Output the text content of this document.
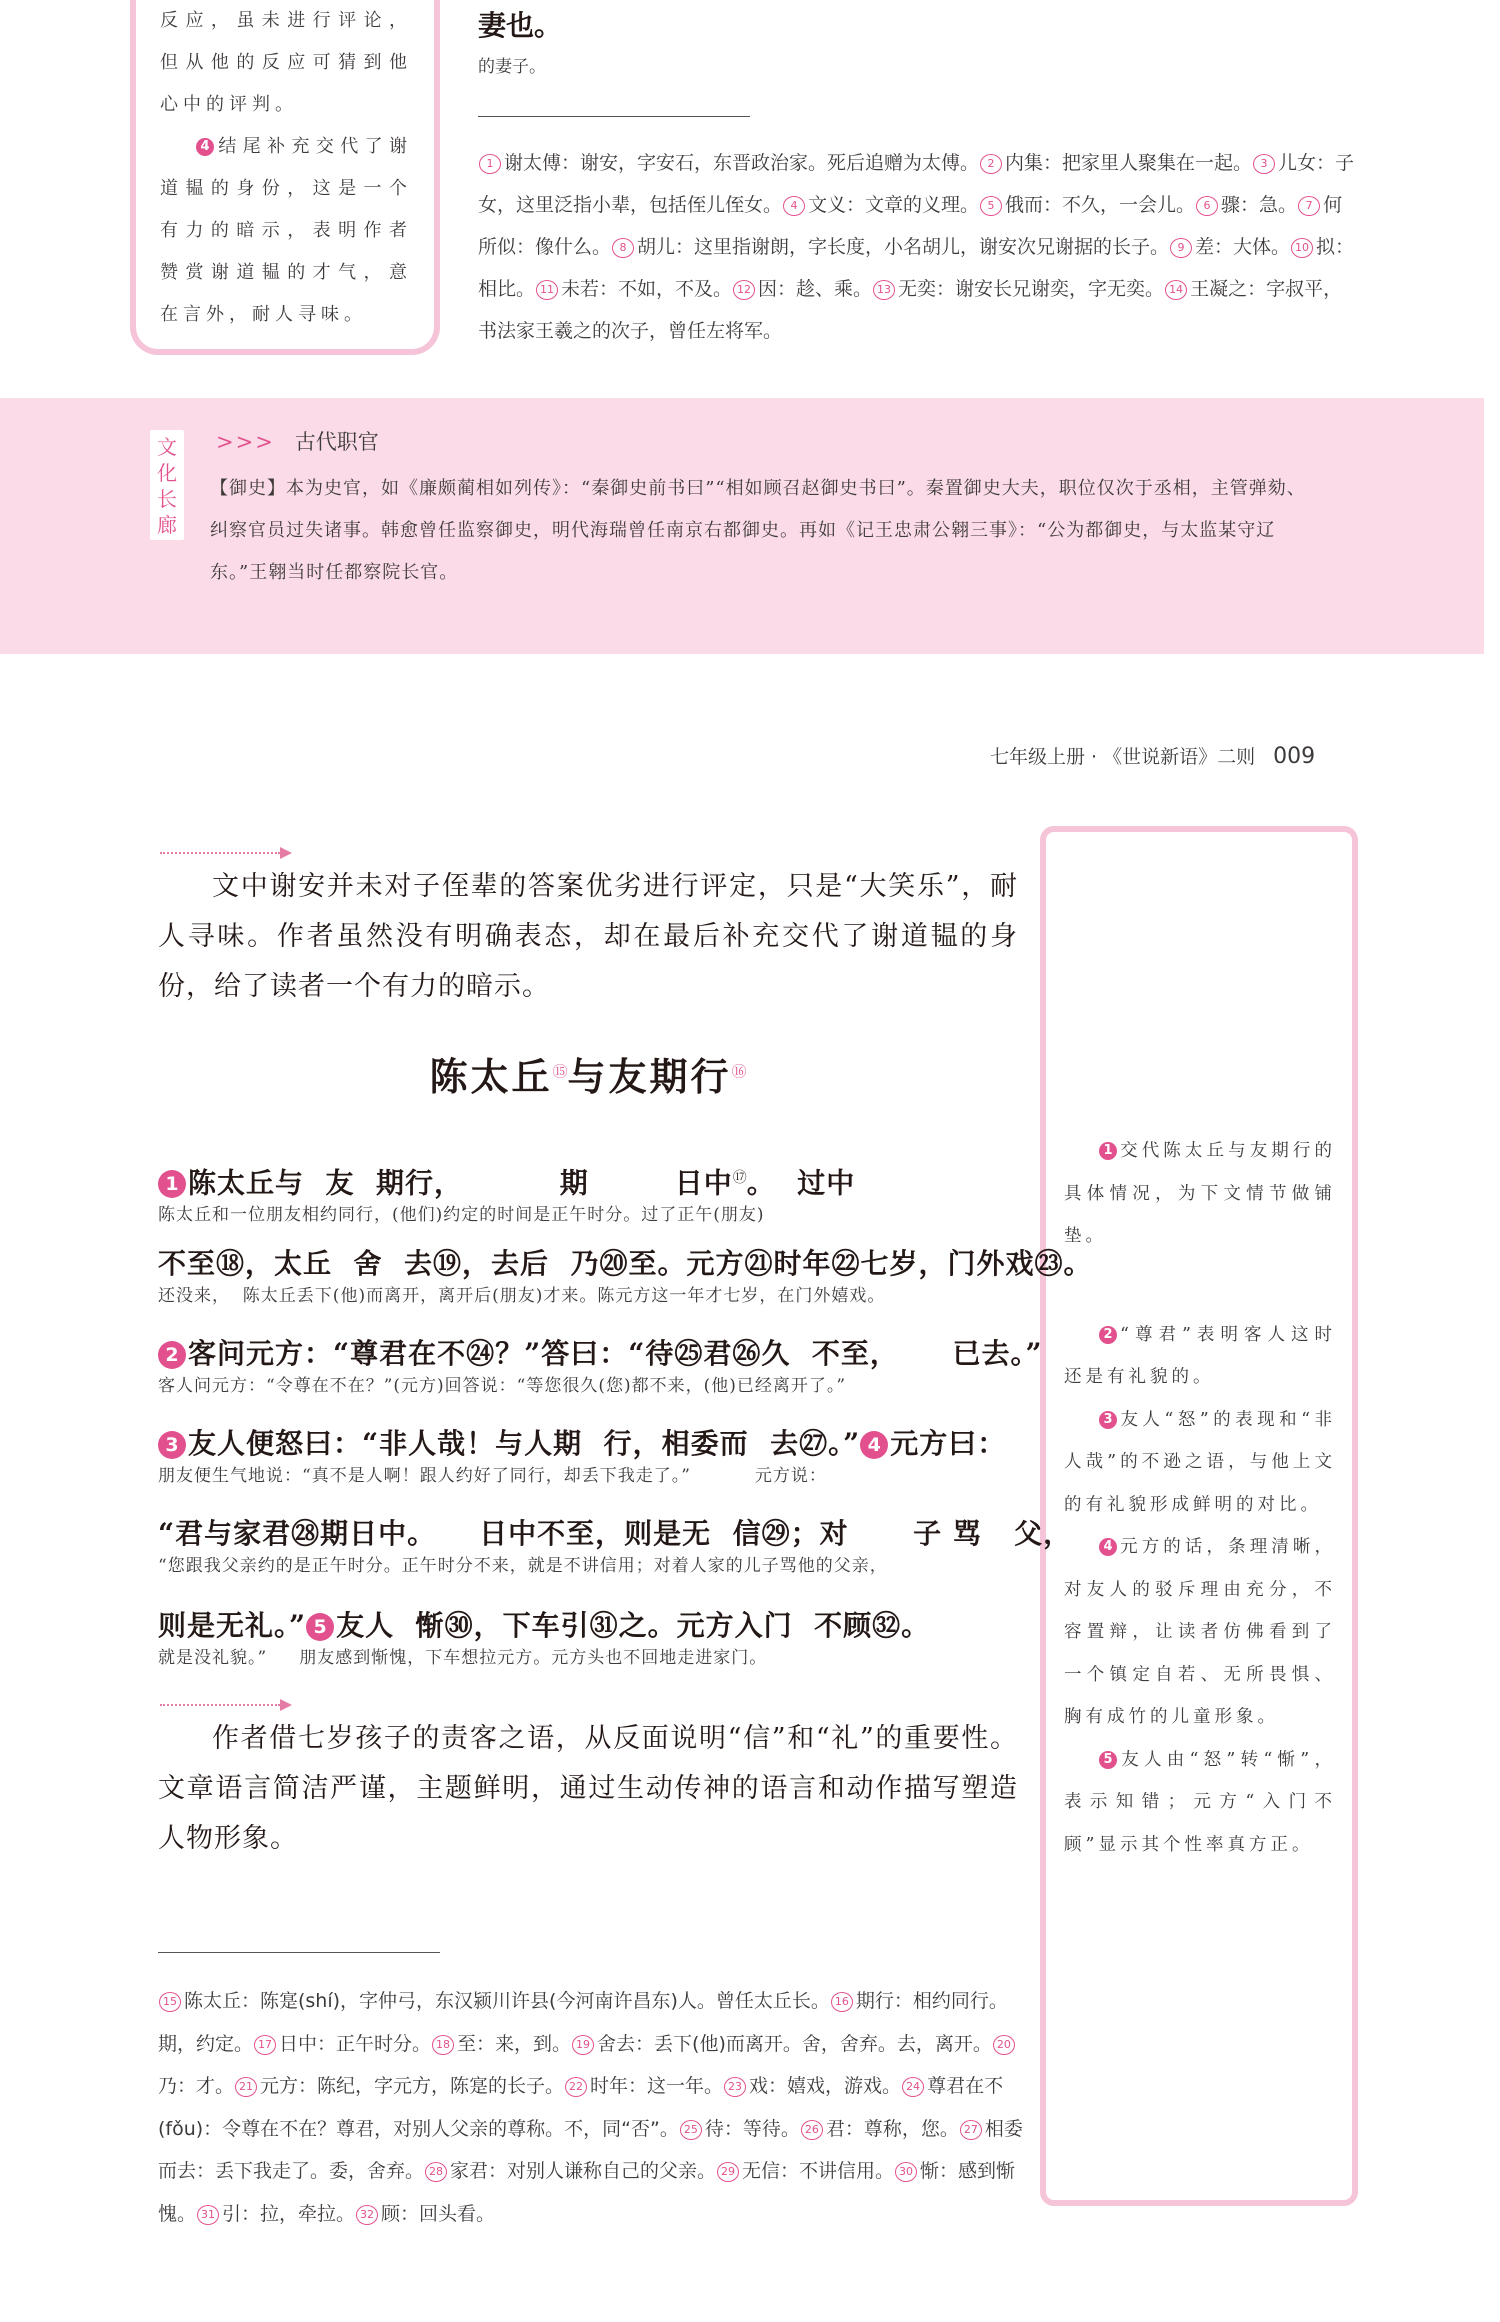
反应，虽未进行评论，但从他的反应可猜到他心中的评判。

4 结尾补充交代了谢道韫的身份，这是一个有力的暗示，表明作者赞赏谢道韫的才气，意在言外，耐人寻味。

妻也。

的妻子。

1 谢太傅：谢安，字安石，东晋政治家。死后追赠为太傅。 2 内集：把家里人聚集在一起。 3 儿女：子女，这里泛指小辈，包括侄儿侄女。 4 文义：文章的义理。 5 俄而：不久，一会儿。 6 骤：急。 7 何所似：像什么。 8 胡儿：这里指谢朗，字长度，小名胡儿，谢安次兄谢据的长子。 9 差：大体。 10 拟：相比。 11 未若：不如，不及。 12 因：趁、乘。 13 无奕：谢安长兄谢奕，字无奕。 14 王凝之：字叔平，书法家王羲之的次子，曾任左将军。
文
化
长
廊
>>> 古代职官
【御史】本为史官，如《廉颇蔺相如列传》：“秦御史前书曰”“相如顾召赵御史书曰”。秦置御史大夫，职位仅次于丞相，主管弹劾、纠察官员过失诸事。韩愈曾任监察御史，明代海瑞曾任南京右都御史。再如《记王忠肃公翱三事》：“公为都御史，与太监某守辽东。”王翱当时任都察院长官。
七年级上册 · 《世说新语》二则 009

1 交代陈太丘与友期行的具体情况，为下文情节做铺垫。

2 “尊君”表明客人这时还是有礼貌的。

3 友人“怒”的表现和“非人哉”的不逊之语，与他上文的有礼貌形成鲜明的对比。

4 元方的话，条理清晰，对友人的驳斥理由充分，不容置辩，让读者仿佛看到了一个镇定自若、无所畏惧、胸有成竹的儿童形象。

5 友人由“怒”转“惭”，表示知错；元方“入门不顾”显示其个性率真方正。

文中谢安并未对子侄辈的答案优劣进行评定，只是“大笑乐”，耐人寻味。作者虽然没有明确表态，却在最后补充交代了谢道韫的身份，给了读者一个有力的暗示。

陈太丘⑮与友期行⑯
1 陈太丘与  友  期行，         期        日中⑰。  过中
陈太丘和一位朋友相约同行，(他们)约定的时间是正午时分。过了正午(朋友)
不至⑱，太丘  舍  去⑲，去后  乃⑳至。元方㉑时年㉒七岁，门外戏㉓。
还没来，  陈太丘丢下(他)而离开，离开后(朋友)才来。陈元方这一年才七岁，在门外嬉戏。
2 客问元方：“尊君在不㉔？”答曰：“待㉕君㉖久  不至，     已去。”
客人问元方：“令尊在不在？”(元方)回答说：“等您很久(您)都不来，(他)已经离开了。”
3 友人便怒曰：“非人哉！与人期  行，相委而  去㉗。” 4 元方曰：
朋友便生气地说：“真不是人啊！跟人约好了同行，却丢下我走了。”          元方说：
“君与家君㉘期日中。    日中不至，则是无  信㉙；对      子 骂   父，
“您跟我父亲约的是正午时分。正午时分不来，就是不讲信用；对着人家的儿子骂他的父亲，
则是无礼。” 5 友人  惭㉚，下车引㉛之。元方入门  不顾㉜。
就是没礼貌。”     朋友感到惭愧，下车想拉元方。元方头也不回地走进家门。

作者借七岁孩子的责客之语，从反面说明“信”和“礼”的重要性。文章语言简洁严谨，主题鲜明，通过生动传神的语言和动作描写塑造人物形象。

15 陈太丘：陈寔(shí)，字仲弓，东汉颍川许县(今河南许昌东)人。曾任太丘长。 16 期行：相约同行。期，约定。 17 日中：正午时分。 18 至：来，到。 19 舍去：丢下(他)而离开。舍，舍弃。去，离开。 20乃：才。 21 元方：陈纪，字元方，陈寔的长子。 22 时年：这一年。 23 戏：嬉戏，游戏。 24 尊君在不(fǒu)：令尊在不在？尊君，对别人父亲的尊称。不，同“否”。 25 待：等待。 26 君：尊称，您。 27 相委而去：丢下我走了。委，舍弃。 28 家君：对别人谦称自己的父亲。 29 无信：不讲信用。 30 惭：感到惭愧。 31 引：拉，牵拉。 32 顾：回头看。
